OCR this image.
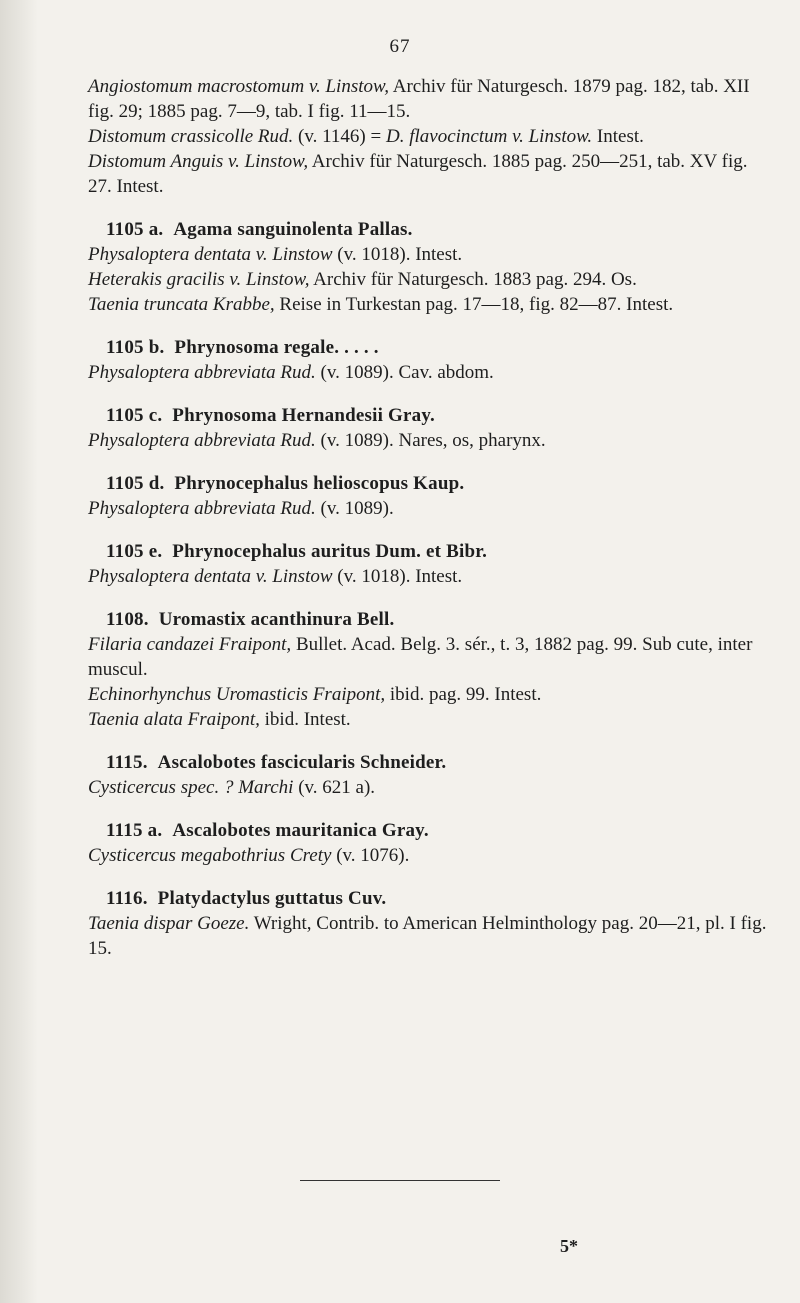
67

Angiostomum macrostomum v. Linstow, Archiv für Naturgesch. 1879 pag. 182, tab. XII fig. 29; 1885 pag. 7—9, tab. I fig. 11—15.

Distomum crassicolle Rud. (v. 1146) = D. flavocinctum v. Linstow. Intest.

Distomum Anguis v. Linstow, Archiv für Naturgesch. 1885 pag. 250—251, tab. XV fig. 27. Intest.

1105 a. Agama sanguinolenta Pallas.

Physaloptera dentata v. Linstow (v. 1018). Intest.

Heterakis gracilis v. Linstow, Archiv für Naturgesch. 1883 pag. 294. Os.

Taenia truncata Krabbe, Reise in Turkestan pag. 17—18, fig. 82—87. Intest.

1105 b. Phrynosoma regale. . . . .

Physaloptera abbreviata Rud. (v. 1089). Cav. abdom.

1105 c. Phrynosoma Hernandesii Gray.

Physaloptera abbreviata Rud. (v. 1089). Nares, os, pharynx.

1105 d. Phrynocephalus helioscopus Kaup.

Physaloptera abbreviata Rud. (v. 1089).

1105 e. Phrynocephalus auritus Dum. et Bibr.

Physaloptera dentata v. Linstow (v. 1018). Intest.

1108. Uromastix acanthinura Bell.

Filaria candazei Fraipont, Bullet. Acad. Belg. 3. sér., t. 3, 1882 pag. 99. Sub cute, inter muscul.

Echinorhynchus Uromasticis Fraipont, ibid. pag. 99. Intest.

Taenia alata Fraipont, ibid. Intest.

1115. Ascalobotes fascicularis Schneider.

Cysticercus spec. ? Marchi (v. 621 a).

1115 a. Ascalobotes mauritanica Gray.

Cysticercus megabothrius Crety (v. 1076).

1116. Platydactylus guttatus Cuv.

Taenia dispar Goeze. Wright, Contrib. to American Helminthology pag. 20—21, pl. I fig. 15.

5*
